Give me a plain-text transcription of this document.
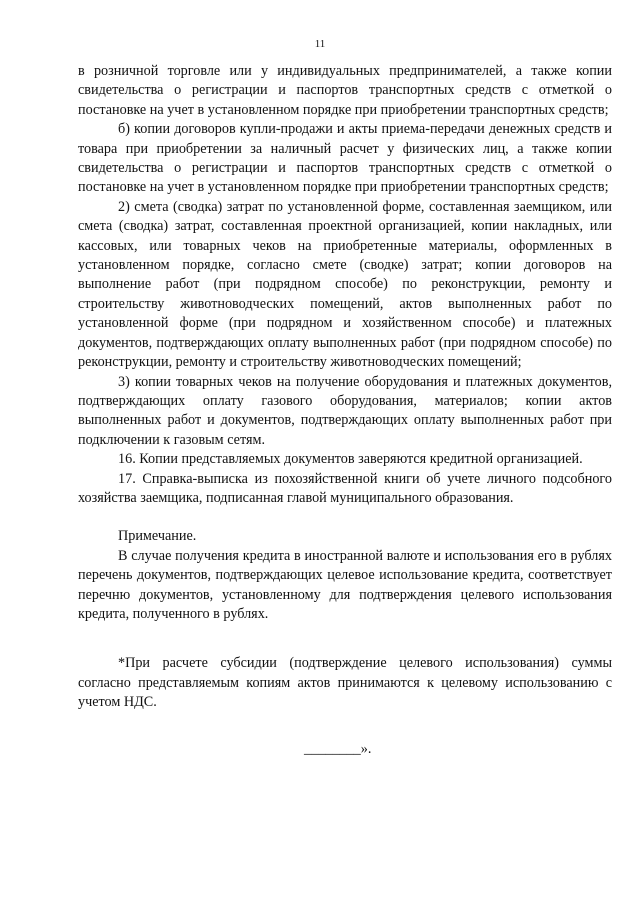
11

в розничной торговле или у индивидуальных предпринимателей, а также копии свидетельства о регистрации и паспортов транспортных средств с отметкой о постановке на учет в установленном порядке при приобретении транспортных средств;

б) копии договоров купли-продажи и акты приема-передачи денежных средств и товара при приобретении за наличный расчет у физических лиц, а также копии свидетельства о регистрации и паспортов транспортных средств с отметкой о постановке на учет в установленном порядке при приобретении транспортных средств;

2) смета (сводка) затрат по установленной форме, составленная заемщиком, или смета (сводка) затрат, составленная проектной организацией, копии накладных, или кассовых, или товарных чеков на приобретенные материалы, оформленных в установленном порядке, согласно смете (сводке) затрат; копии договоров на выполнение работ (при подрядном способе) по реконструкции, ремонту и строительству животноводческих помещений, актов выполненных работ по установленной форме (при подрядном и хозяйственном способе) и платежных документов, подтверждающих оплату выполненных работ (при подрядном способе) по реконструкции, ремонту и строительству животноводческих помещений;

3) копии товарных чеков на получение оборудования и платежных документов, подтверждающих оплату газового оборудования, материалов; копии актов выполненных работ и документов, подтверждающих оплату выполненных работ при подключении к газовым сетям.

16. Копии представляемых документов заверяются кредитной организацией.

17. Справка-выписка из похозяйственной книги об учете личного подсобного хозяйства заемщика, подписанная главой муниципального образования.

Примечание.

В случае получения кредита в иностранной валюте и использования его в рублях перечень документов, подтверждающих целевое использование кредита, соответствует перечню документов, установленному для подтверждения целевого использования кредита, полученного в рублях.

*При расчете субсидии (подтверждение целевого использования) суммы согласно представляемым копиям актов принимаются к целевому использованию с учетом НДС.

________».
